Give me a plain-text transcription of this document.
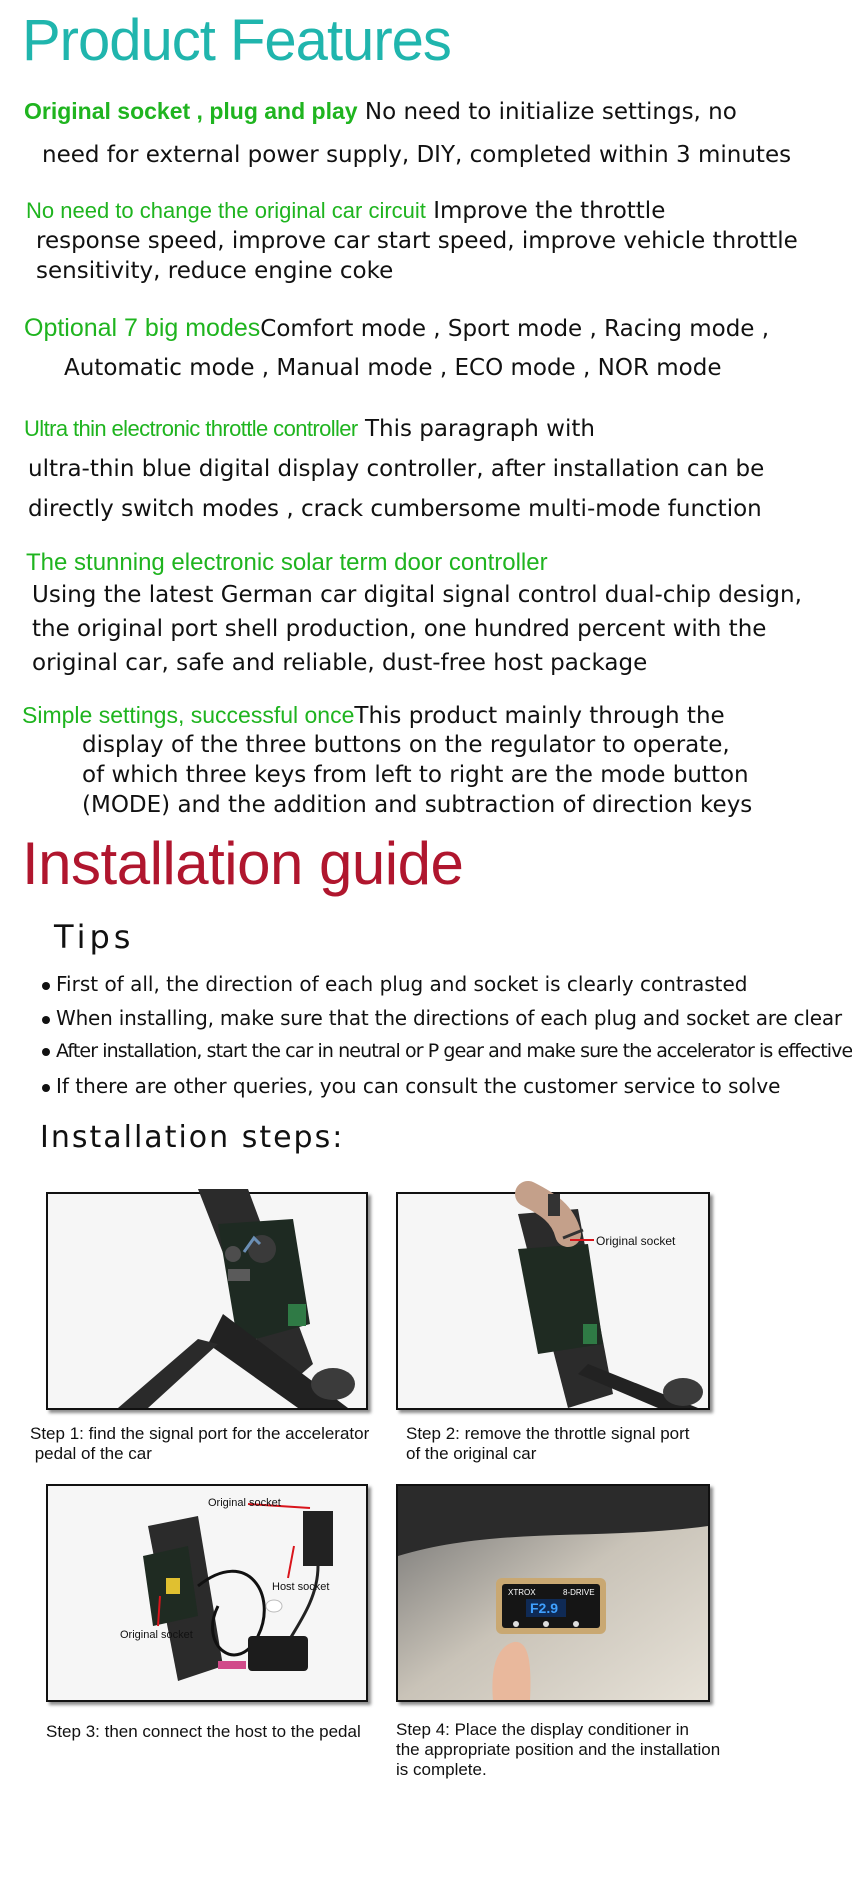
Product Features
Original socket , plug and play No need to initialize settings, no
need for external power supply, DIY, completed within 3 minutes
No need to change the original car circuit Improve the throttle
response speed, improve car start speed, improve vehicle throttle
sensitivity, reduce engine coke
Optional 7 big modesComfort mode , Sport mode , Racing mode ,
Automatic mode , Manual mode , ECO mode , NOR mode
Ultra thin electronic throttle controller This paragraph with
ultra-thin blue digital display controller, after installation can be
directly switch modes , crack cumbersome multi-mode function
The stunning electronic solar term door controller
Using the latest German car digital signal control dual-chip design,
the original port shell production, one hundred percent with the
original car, safe and reliable, dust-free host package
Simple settings, successful onceThis product mainly through the
display of the three buttons on the regulator to operate,
of which three keys from left to right are the mode button
(MODE) and the addition and subtraction of direction keys
Installation guide
Tips
First of all, the direction of each plug and socket is clearly contrasted
When installing, make sure that the directions of each plug and socket are clear
After installation, start the car in neutral or P gear and make sure the accelerator is effective
If there are other queries, you can consult the customer service to solve
Installation steps:
Step 1: find the signal port for the accelerator
pedal of the car
Original socket
Step 2: remove the throttle signal port
of the original car
Original socket
Host socket
Original socket
Step 3: then connect the host to the pedal
XTROX	8-DRIVE
F2.9
Step 4: Place the display conditioner in
the appropriate position and the installation
is complete.
